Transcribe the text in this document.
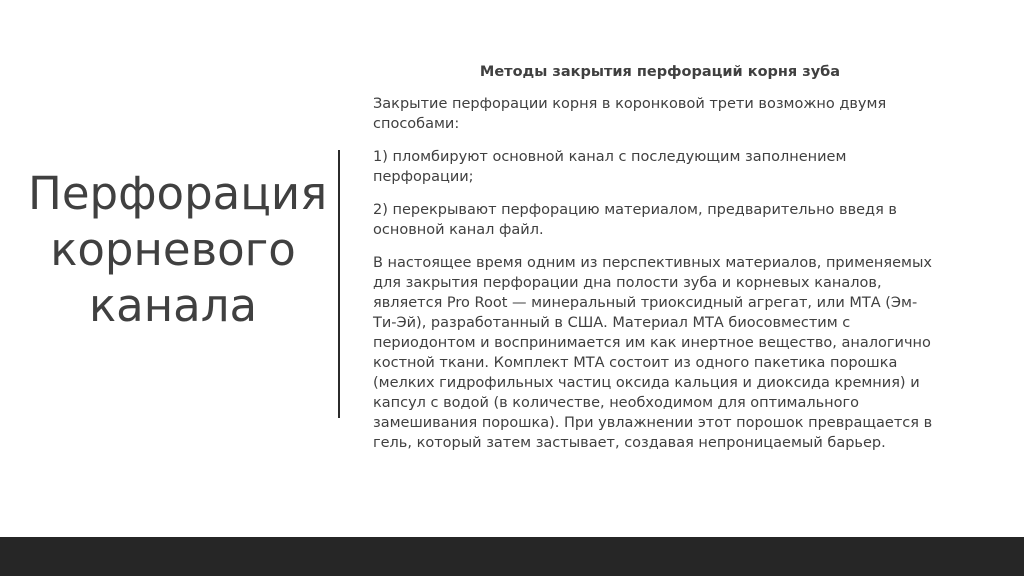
Перфорация корневого канала
Методы закрытия перфораций корня зуба

Закрытие перфорации корня в коронковой трети возможно двумя способами:

1) пломбируют основной канал с последующим заполнением перфорации;

2) перекрывают перфорацию материалом, предварительно введя в основной канал файл.

В настоящее время одним из перспективных материалов, применяемых для закрытия перфорации дна полости зуба и корневых каналов, является Pro Root — минеральный триоксидный агрегат, или МТА (Эм-Ти-Эй), разработанный в США. Материал МТА биосовместим с периодонтом и воспринимается им как инертное вещество, аналогично костной ткани. Комплект МТА состоит из одного пакетика порошка (мелких гидрофильных частиц оксида кальция и диоксида кремния) и капсул с водой (в количестве, необходимом для оптимального замешивания порошка). При увлажнении этот порошок превращается в гель, который затем застывает, создавая непроницаемый барьер.
